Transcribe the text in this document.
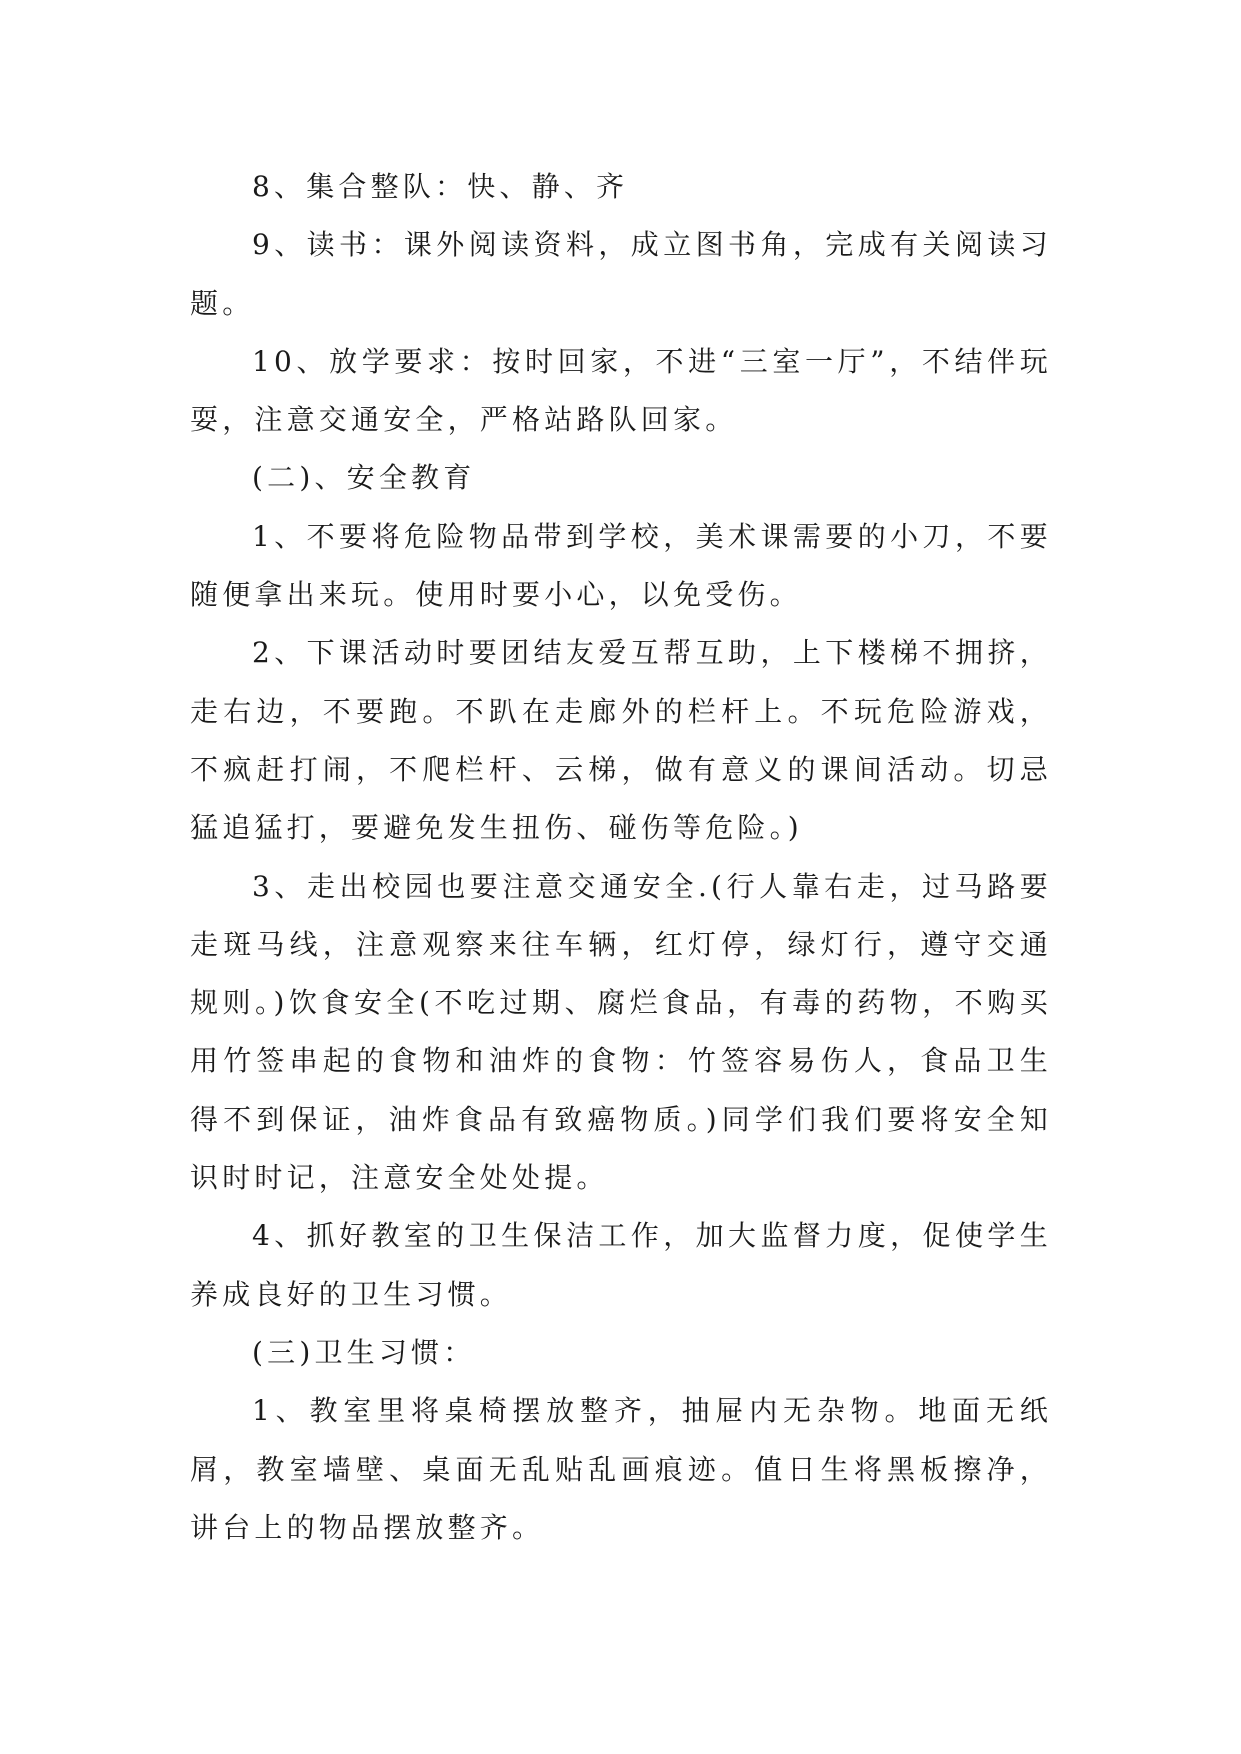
8、集合整队：快、静、齐

9、读书：课外阅读资料，成立图书角，完成有关阅读习题。

10、放学要求：按时回家，不进“三室一厅”，不结伴玩耍，注意交通安全，严格站路队回家。

(二)、安全教育

1、不要将危险物品带到学校，美术课需要的小刀，不要随便拿出来玩。使用时要小心，以免受伤。

2、下课活动时要团结友爱互帮互助，上下楼梯不拥挤，走右边，不要跑。不趴在走廊外的栏杆上。不玩危险游戏，不疯赶打闹，不爬栏杆、云梯，做有意义的课间活动。切忌猛追猛打，要避免发生扭伤、碰伤等危险。)

3、走出校园也要注意交通安全.(行人靠右走，过马路要走斑马线，注意观察来往车辆，红灯停，绿灯行，遵守交通规则。)饮食安全(不吃过期、腐烂食品，有毒的药物，不购买用竹签串起的食物和油炸的食物：竹签容易伤人，食品卫生得不到保证，油炸食品有致癌物质。)同学们我们要将安全知识时时记，注意安全处处提。

4、抓好教室的卫生保洁工作，加大监督力度，促使学生养成良好的卫生习惯。

(三)卫生习惯：

1、教室里将桌椅摆放整齐，抽屉内无杂物。地面无纸屑，教室墙壁、桌面无乱贴乱画痕迹。值日生将黑板擦净，讲台上的物品摆放整齐。
